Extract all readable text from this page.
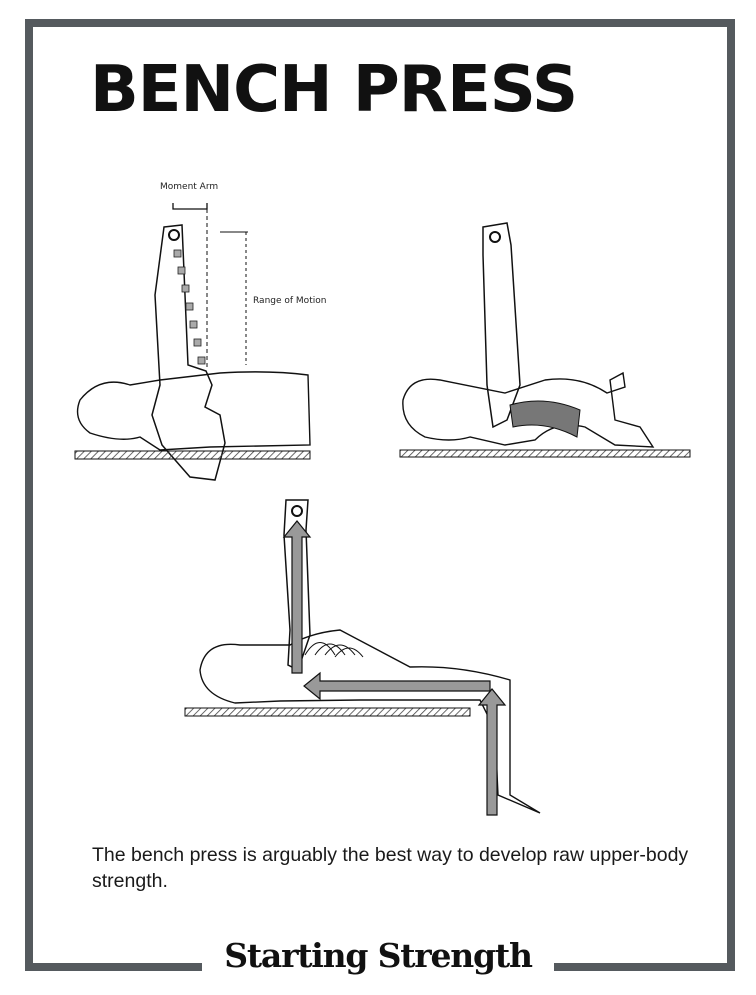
BENCH PRESS
Moment Arm
Range of Motion

The bench press is arguably the best way to develop raw upper-body strength.

Starting Strength
